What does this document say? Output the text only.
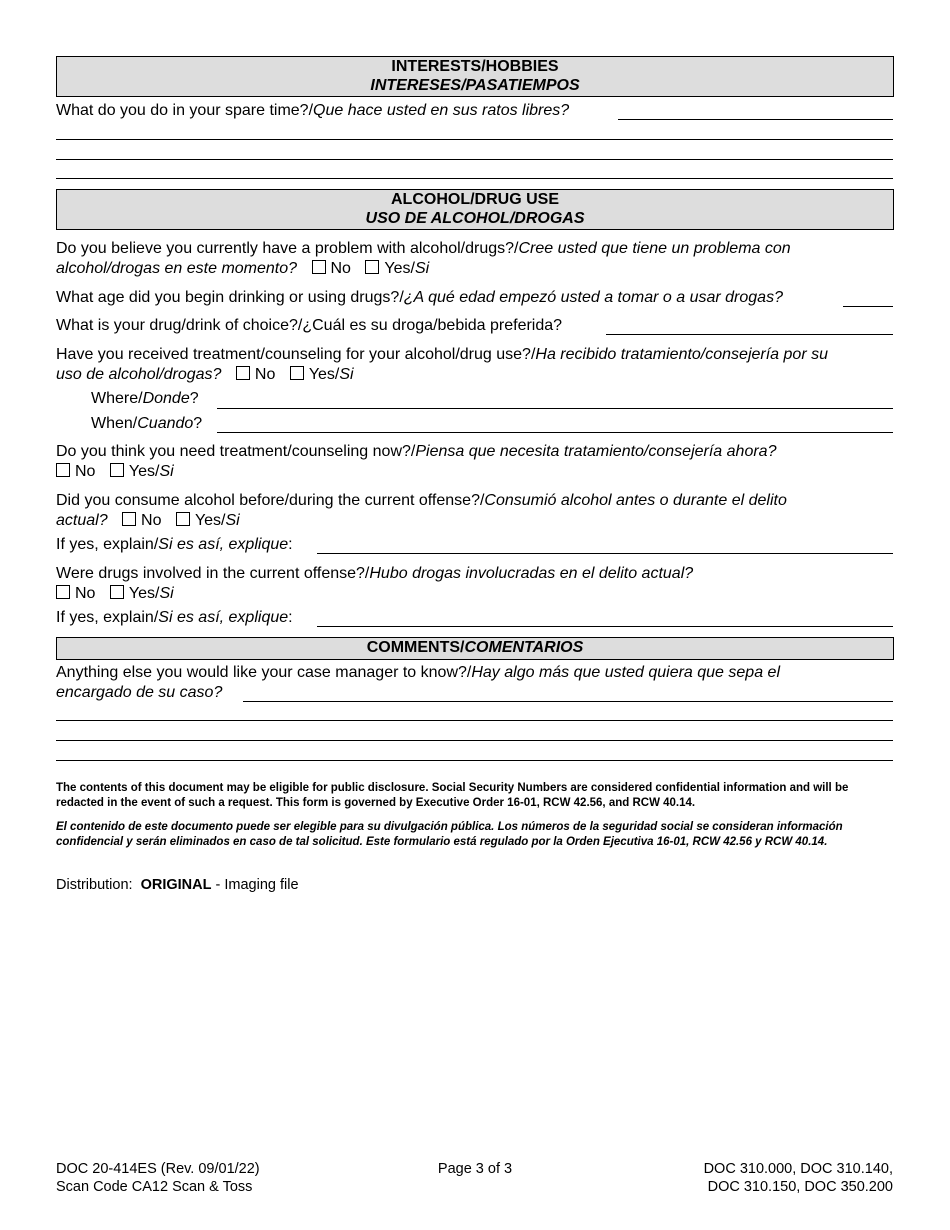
INTERESTS/HOBBIES
INTERESES/PASATIEMPOS
What do you do in your spare time?/Que hace usted en sus ratos libres?
ALCOHOL/DRUG USE
USO DE ALCOHOL/DROGAS
Do you believe you currently have a problem with alcohol/drugs?/Cree usted que tiene un problema con
alcohol/drogas en este momento? No Yes/Si
What age did you begin drinking or using drugs?/¿A qué edad empezó usted a tomar o a usar drogas?
What is your drug/drink of choice?/¿Cuál es su droga/bebida preferida?
Have you received treatment/counseling for your alcohol/drug use?/Ha recibido tratamiento/consejería por su
uso de alcohol/drogas? No Yes/Si
Where/Donde?
When/Cuando?
Do you think you need treatment/counseling now?/Piensa que necesita tratamiento/consejería ahora?
No Yes/Si
Did you consume alcohol before/during the current offense?/Consumió alcohol antes o durante el delito
actual? No Yes/Si
If yes, explain/Si es así, explique:
Were drugs involved in the current offense?/Hubo drogas involucradas en el delito actual?
No Yes/Si
If yes, explain/Si es así, explique:
COMMENTS/COMENTARIOS
Anything else you would like your case manager to know?/Hay algo más que usted quiera que sepa el
encargado de su caso?
The contents of this document may be eligible for public disclosure. Social Security Numbers are considered confidential information and will be redacted in the event of such a request. This form is governed by Executive Order 16-01, RCW 42.56, and RCW 40.14.
El contenido de este documento puede ser elegible para su divulgación pública. Los números de la seguridad social se consideran información confidencial y serán eliminados en caso de tal solicitud. Este formulario está regulado por la Orden Ejecutiva 16-01, RCW 42.56 y RCW 40.14.
Distribution: ORIGINAL - Imaging file
DOC 20-414ES (Rev. 09/01/22)
Scan Code CA12 Scan & Toss
Page 3 of 3	DOC 310.000, DOC 310.140,
DOC 310.150, DOC 350.200
